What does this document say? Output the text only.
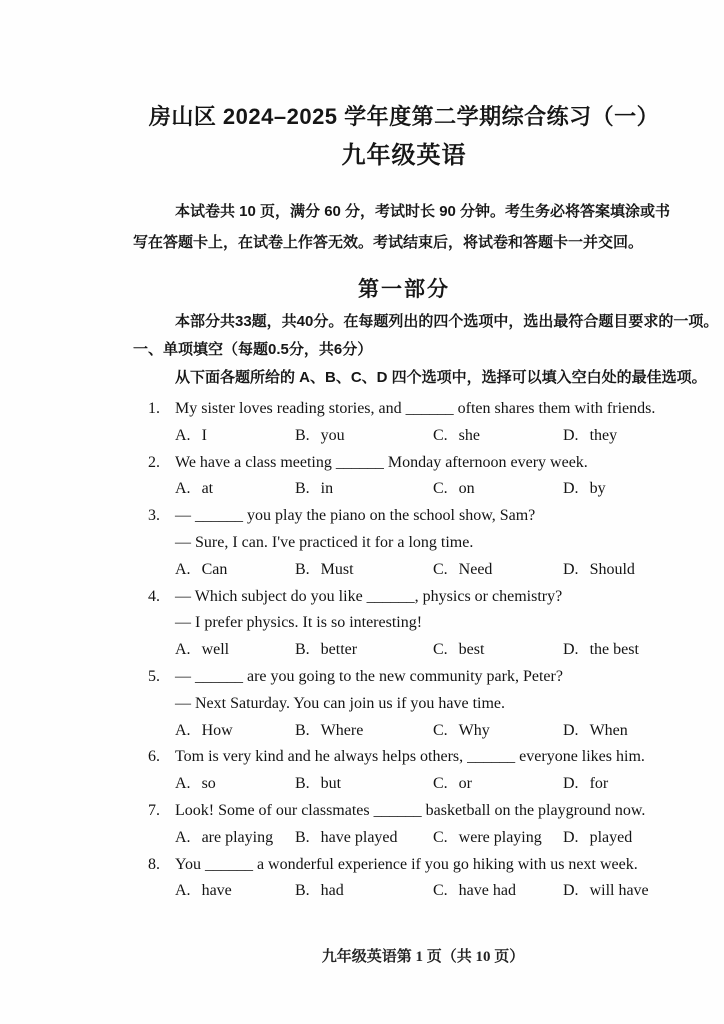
房山区 2024–2025 学年度第二学期综合练习（一）
九年级英语

本试卷共 10 页，满分 60 分，考试时长 90 分钟。考生务必将答案填涂或书写在答题卡上，在试卷上作答无效。考试结束后，将试卷和答题卡一并交回。

第一部分

本部分共33题，共40分。在每题列出的四个选项中，选出最符合题目要求的一项。

一、单项填空（每题0.5分，共6分）

从下面各题所给的 A、B、C、D 四个选项中，选择可以填入空白处的最佳选项。

1. My sister loves reading stories, and ______ often shares them with friends.
A. I	B. you	C. she	D. they
2. We have a class meeting ______ Monday afternoon every week.
A. at	B. in	C. on	D. by
3. — ______ you play the piano on the school show, Sam?
— Sure, I can. I've practiced it for a long time.
A. Can	B. Must	C. Need	D. Should
4. — Which subject do you like ______, physics or chemistry?
— I prefer physics. It is so interesting!
A. well	B. better	C. best	D. the best
5. — ______ are you going to the new community park, Peter?
— Next Saturday. You can join us if you have time.
A. How	B. Where	C. Why	D. When
6. Tom is very kind and he always helps others, ______ everyone likes him.
A. so	B. but	C. or	D. for
7. Look! Some of our classmates ______ basketball on the playground now.
A. are playing	B. have played	C. were playing	D. played
8. You ______ a wonderful experience if you go hiking with us next week.
A. have	B. had	C. have had	D. will have
九年级英语第 1 页（共 10 页）
